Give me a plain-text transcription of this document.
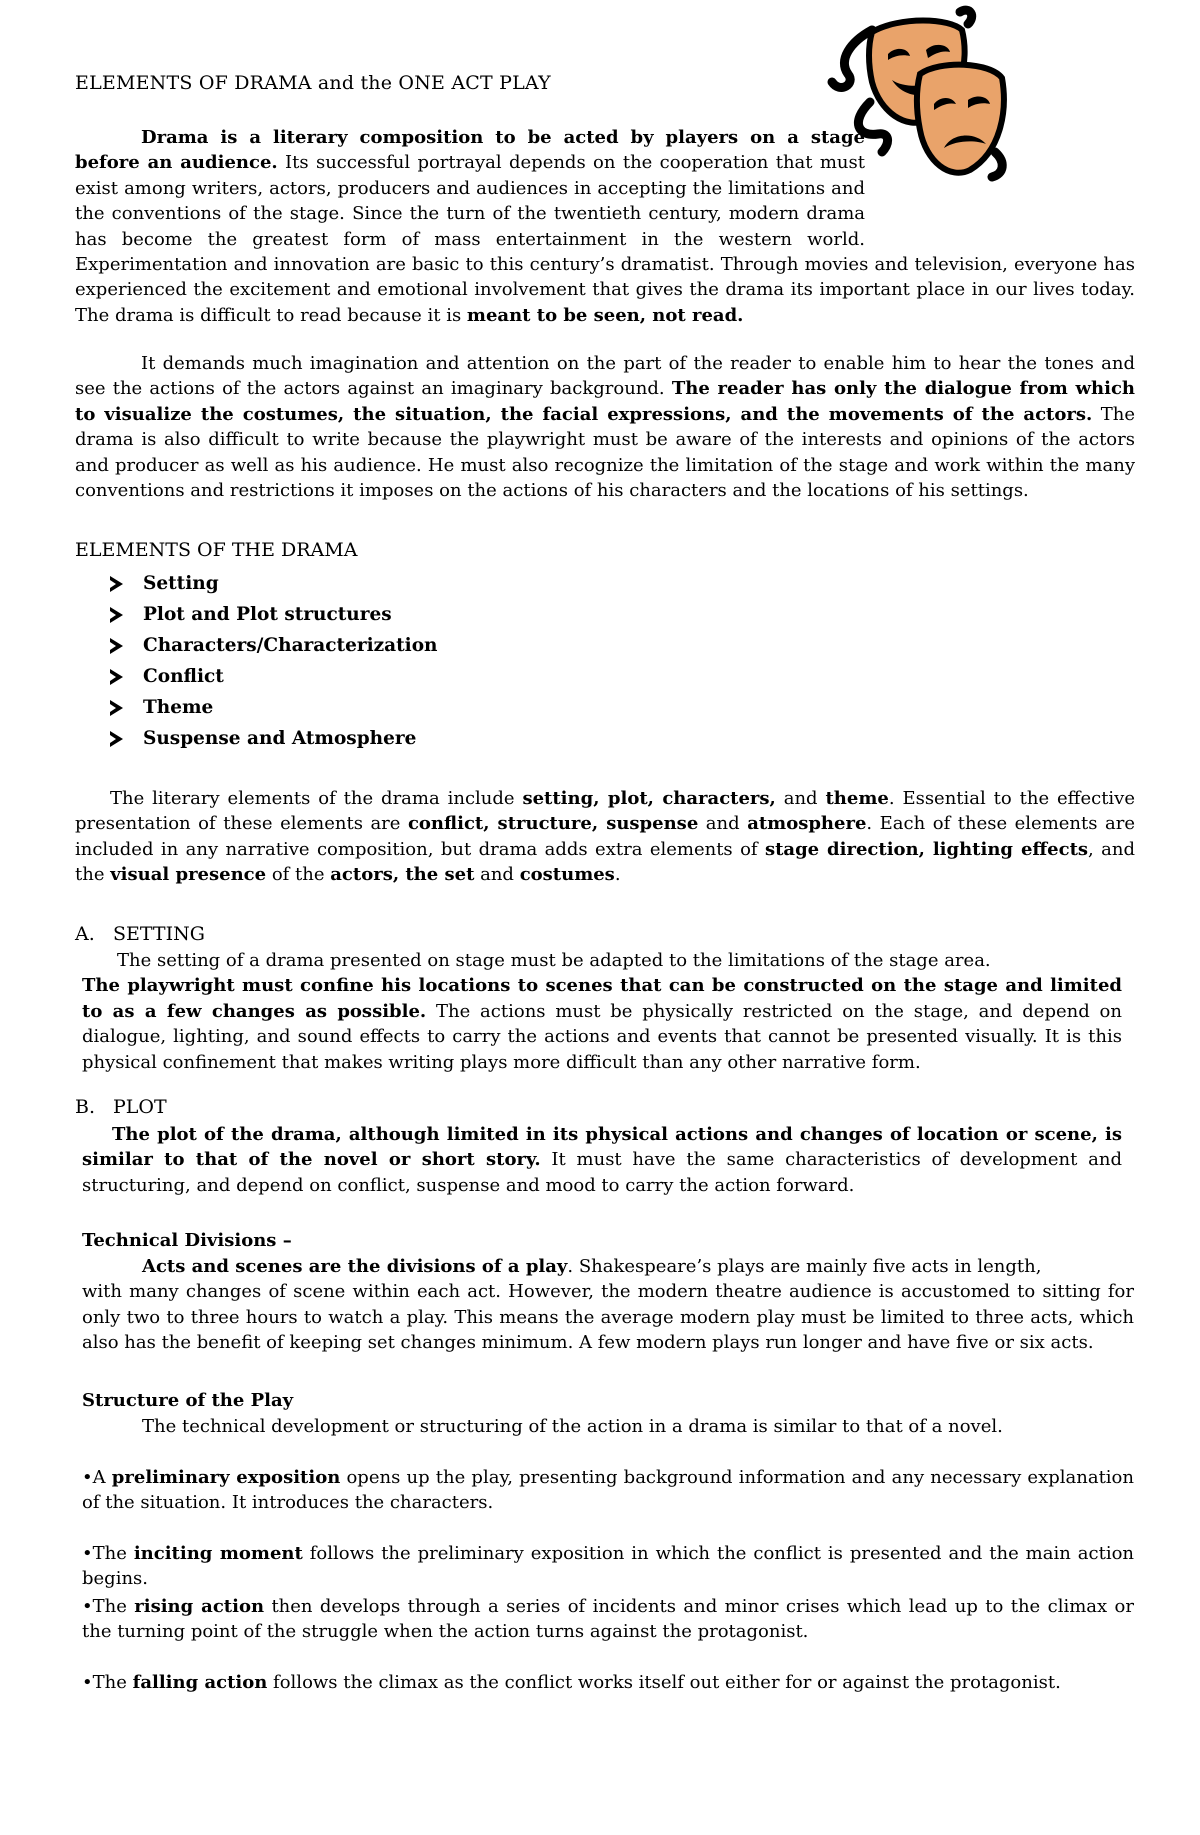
ELEMENTS OF DRAMA and the ONE ACT PLAY
Drama is a literary composition to be acted by players on a stage before an audience. Its successful portrayal depends on the cooperation that must exist among writers, actors, producers and audiences in accepting the limitations and the conventions of the stage. Since the turn of the twentieth century, modern drama has become the greatest form of mass entertainment in the western world. Experimentation and innovation are basic to this century’s dramatist. Through movies and television, everyone has experienced the excitement and emotional involvement that gives the drama its important place in our lives today. The drama is difficult to read because it is meant to be seen, not read.
It demands much imagination and attention on the part of the reader to enable him to hear the tones and see the actions of the actors against an imaginary background. The reader has only the dialogue from which to visualize the costumes, the situation, the facial expressions, and the movements of the actors. The drama is also difficult to write because the playwright must be aware of the interests and opinions of the actors and producer as well as his audience. He must also recognize the limitation of the stage and work within the many conventions and restrictions it imposes on the actions of his characters and the locations of his settings.
ELEMENTS OF THE DRAMA
Setting
Plot and Plot structures
Characters/Characterization
Conflict
Theme
Suspense and Atmosphere
The literary elements of the drama include setting, plot, characters, and theme. Essential to the effective presentation of these elements are conflict, structure, suspense and atmosphere. Each of these elements are included in any narrative composition, but drama adds extra elements of stage direction, lighting effects, and the visual presence of the actors, the set and costumes.
A. SETTING
The setting of a drama presented on stage must be adapted to the limitations of the stage area.
The playwright must confine his locations to scenes that can be constructed on the stage and limited to as a few changes as possible. The actions must be physically restricted on the stage, and depend on dialogue, lighting, and sound effects to carry the actions and events that cannot be presented visually. It is this physical confinement that makes writing plays more difficult than any other narrative form.
B. PLOT
The plot of the drama, although limited in its physical actions and changes of location or scene, is similar to that of the novel or short story. It must have the same characteristics of development and structuring, and depend on conflict, suspense and mood to carry the action forward.
Technical Divisions –
Acts and scenes are the divisions of a play. Shakespeare’s plays are mainly five acts in length,
with many changes of scene within each act. However, the modern theatre audience is accustomed to sitting for only two to three hours to watch a play. This means the average modern play must be limited to three acts, which also has the benefit of keeping set changes minimum. A few modern plays run longer and have five or six acts.
Structure of the Play
The technical development or structuring of the action in a drama is similar to that of a novel.
•A preliminary exposition opens up the play, presenting background information and any necessary explanation of the situation. It introduces the characters.
•The inciting moment follows the preliminary exposition in which the conflict is presented and the main action begins.
•The rising action then develops through a series of incidents and minor crises which lead up to the climax or the turning point of the struggle when the action turns against the protagonist.
•The falling action follows the climax as the conflict works itself out either for or against the protagonist.
